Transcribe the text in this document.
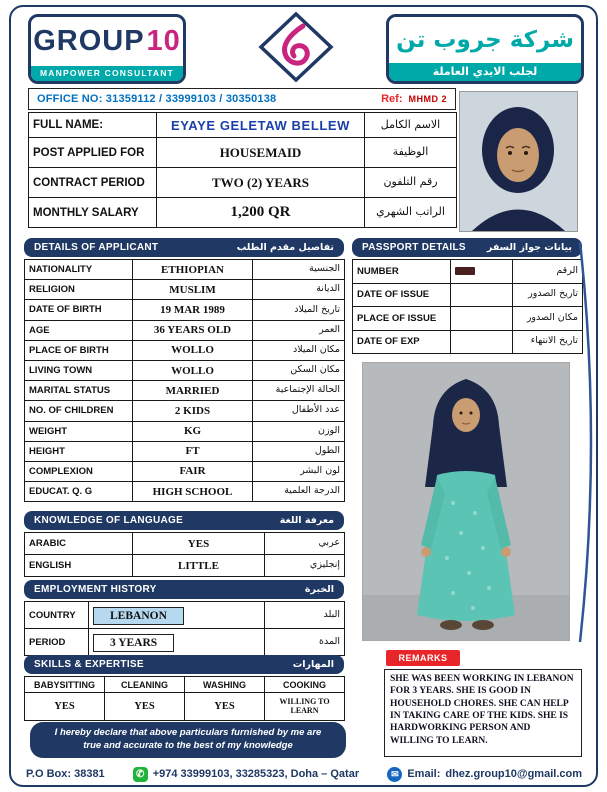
GROUP 10
MANPOWER CONSULTANT
شركة جروب تن
لجلب الايدي العاملة
OFFICE NO: 31359112 / 33999103 / 30350138	Ref: MHMD 2
FULL NAME:	EYAYE GELETAW BELLEW	الاسم الكامل
POST APPLIED FOR	HOUSEMAID	الوظيفة
CONTRACT PERIOD	TWO (2) YEARS	رقم التلفون
MONTHLY SALARY	1,200 QR	الراتب الشهري
DETAILS OF APPLICANT	تفاصيل مقدم الطلب
NATIONALITY	ETHIOPIAN	الجنسية
RELIGION	MUSLIM	الديانة
DATE OF BIRTH	19 MAR 1989	تاريخ الميلاد
AGE	36 YEARS OLD	العمر
PLACE OF BIRTH	WOLLO	مكان الميلاد
LIVING TOWN	WOLLO	مكان السكن
MARITAL STATUS	MARRIED	الحالة الإجتماعية
NO. OF CHILDREN	2 KIDS	عدد الأطفال
WEIGHT	KG	الوزن
HEIGHT	FT	الطول
COMPLEXION	FAIR	لون البشر
EDUCAT. Q. G	HIGH SCHOOL	الدرجة العلمية
KNOWLEDGE OF LANGUAGE	معرفة اللغة
ARABIC	YES	عربي
ENGLISH	LITTLE	إنجليزي
EMPLOYMENT HISTORY	الخبرة
COUNTRY	LEBANON	البلد
PERIOD	3 YEARS	المدة
SKILLS & EXPERTISE	المهارات
BABYSITTING	CLEANING	WASHING	COOKING
YES	YES	YES	WILLING TO LEARN
I hereby declare that above particulars furnished by me are true and accurate to the best of my knowledge
PASSPORT DETAILS بيانات جواز السفر
NUMBER		الرقم
DATE OF ISSUE		تاريخ الصدور
PLACE OF ISSUE		مكان الصدور
DATE OF EXP		تاريخ الانتهاء
REMARKS
SHE WAS BEEN WORKING IN LEBANON FOR 3 YEARS. SHE IS GOOD IN HOUSEHOLD CHORES. SHE CAN HELP IN TAKING CARE OF THE KIDS. SHE IS HARDWORKING PERSON AND WILLING TO LEARN.
P.O Box: 38381	✆ +974 33999103, 33285323, Doha – Qatar	✉ Email: dhez.group10@gmail.com
